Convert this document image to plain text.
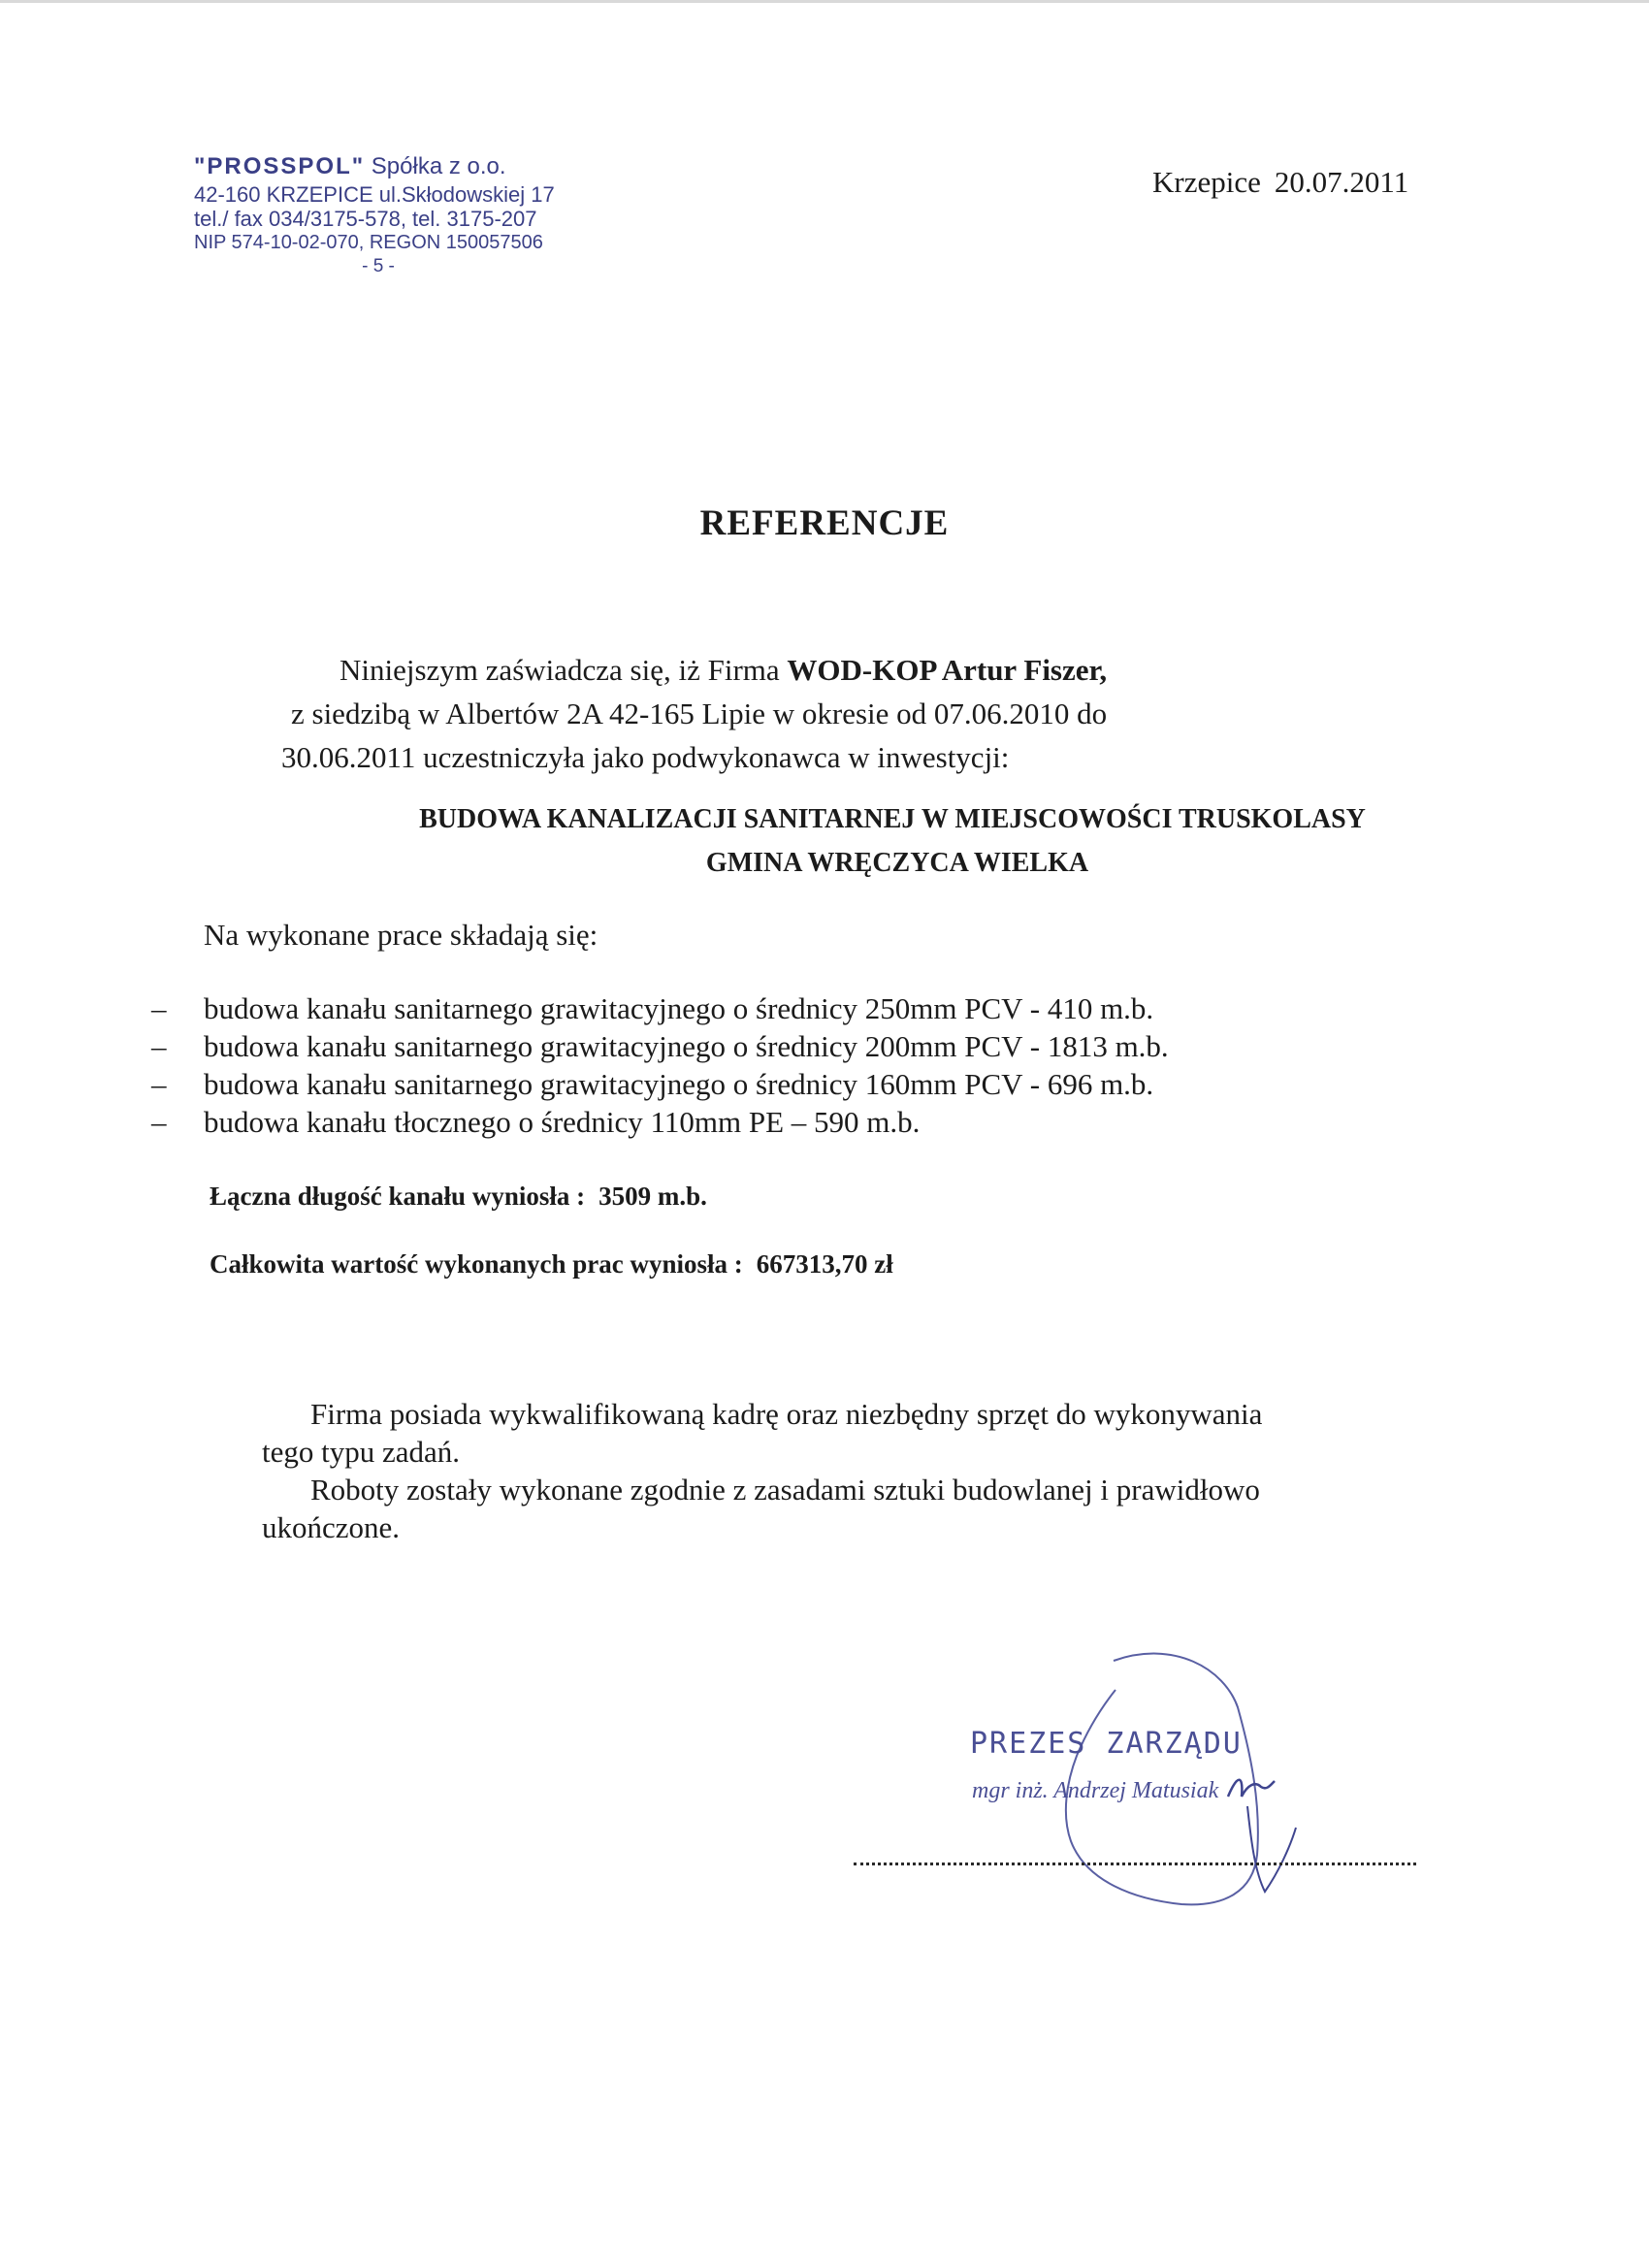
"PROSSPOL" Spółka z o.o.
42-160 KRZEPICE ul.Skłodowskiej 17
tel./ fax 034/3175-578, tel. 3175-207
NIP 574-10-02-070, REGON 150057506
- 5 -
Krzepice 20.07.2011
REFERENCJE
Niniejszym zaświadcza się, iż Firma WOD-KOP Artur Fiszer,
z siedzibą w Albertów 2A 42-165 Lipie w okresie od 07.06.2010 do
30.06.2011 uczestniczyła jako podwykonawca w inwestycji:
BUDOWA KANALIZACJI SANITARNEJ W MIEJSCOWOŚCI TRUSKOLASY
GMINA WRĘCZYCA WIELKA
Na wykonane prace składają się:
– budowa kanału sanitarnego grawitacyjnego o średnicy 250mm PCV - 410 m.b.
– budowa kanału sanitarnego grawitacyjnego o średnicy 200mm PCV - 1813 m.b.
– budowa kanału sanitarnego grawitacyjnego o średnicy 160mm PCV - 696 m.b.
– budowa kanału tłocznego o średnicy 110mm PE – 590 m.b.
Łączna długość kanału wyniosła : 3509 m.b.
Całkowita wartość wykonanych prac wyniosła : 667313,70 zł
Firma posiada wykwalifikowaną kadrę oraz niezbędny sprzęt do wykonywania
tego typu zadań.
Roboty zostały wykonane zgodnie z zasadami sztuki budowlanej i prawidłowo
ukończone.
PREZES ZARZĄDU
mgr inż. Andrzej Matusiak
